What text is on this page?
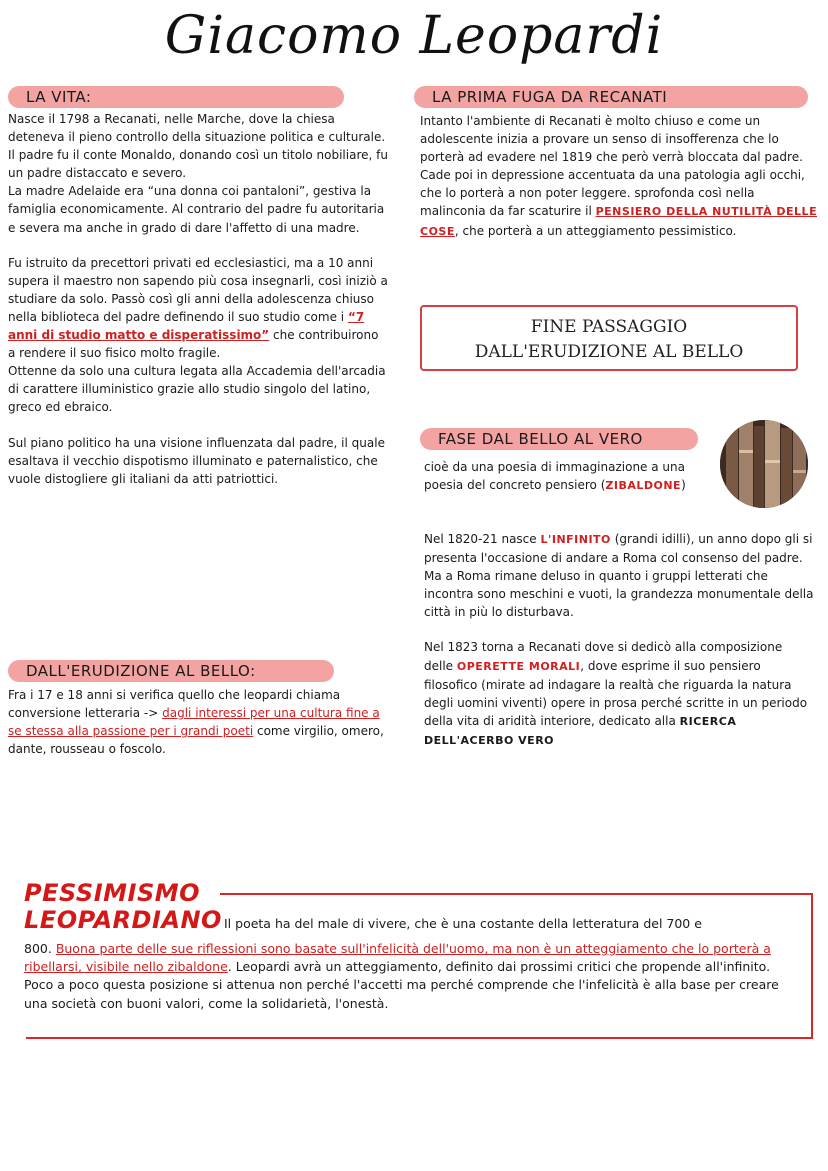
Giacomo Leopardi
LA VITA:

Nasce il 1798 a Recanati, nelle Marche, dove la chiesa deteneva il pieno controllo della situazione politica e culturale.

Il padre fu il conte Monaldo, donando così un titolo nobiliare, fu un padre distaccato e severo.

La madre Adelaide era “una donna coi pantaloni”, gestiva la famiglia economicamente. Al contrario del padre fu autoritaria e severa ma anche in grado di dare l'affetto di una madre.

Fu istruito da precettori privati ed ecclesiastici, ma a 10 anni supera il maestro non sapendo più cosa insegnarli, così iniziò a studiare da solo. Passò così gli anni della adolescenza chiuso nella biblioteca del padre definendo il suo studio come i “7 anni di studio matto e disperatissimo” che contribuirono a rendere il suo fisico molto fragile.

Ottenne da solo una cultura legata alla Accademia dell'arcadia di carattere illuministico grazie allo studio singolo del latino, greco ed ebraico.

Sul piano politico ha una visione influenzata dal padre, il quale esaltava il vecchio dispotismo illuminato e paternalistico, che vuole distogliere gli italiani da atti patriottici.

DALL'ERUDIZIONE AL BELLO:

Fra i 17 e 18 anni si verifica quello che leopardi chiama conversione letteraria -> dagli interessi per una cultura fine a se stessa alla passione per i grandi poeti come virgilio, omero, dante, rousseau o foscolo.

LA PRIMA FUGA DA RECANATI

Intanto l'ambiente di Recanati è molto chiuso e come un adolescente inizia a provare un senso di insofferenza che lo porterà ad evadere nel 1819 che però verrà bloccata dal padre.

Cade poi in depressione accentuata da una patologia agli occhi, che lo porterà a non poter leggere. sprofonda così nella malinconia da far scaturire il PENSIERO DELLA NUTILITÀ DELLE COSE, che porterà a un atteggiamento pessimistico.

FINE PASSAGGIO
DALL'ERUDIZIONE AL BELLO
FASE DAL BELLO AL VERO

cioè da una poesia di immaginazione a una poesia del concreto pensiero (ZIBALDONE)

Nel 1820-21 nasce L'INFINITO (grandi idilli), un anno dopo gli si presenta l'occasione di andare a Roma col consenso del padre. Ma a Roma rimane deluso in quanto i gruppi letterati che incontra sono meschini e vuoti, la grandezza monumentale della città in più lo disturbava.

Nel 1823 torna a Recanati dove si dedicò alla composizione delle OPERETTE MORALI, dove esprime il suo pensiero filosofico (mirate ad indagare la realtà che riguarda la natura degli uomini viventi) opere in prosa perché scritte in un periodo della vita di aridità interiore, dedicato alla RICERCA DELL'ACERBO VERO

PESSIMISMO
LEOPARDIANO Il poeta ha del male di vivere, che è una costante della letteratura del 700 e

800. Buona parte delle sue riflessioni sono basate sull'infelicità dell'uomo, ma non è un atteggiamento che lo porterà a ribellarsi, visibile nello zibaldone. Leopardi avrà un atteggiamento, definito dai prossimi critici che propende all'infinito.

Poco a poco questa posizione si attenua non perché l'accetti ma perché comprende che l'infelicità è alla base per creare una società con buoni valori, come la solidarietà, l'onestà.
